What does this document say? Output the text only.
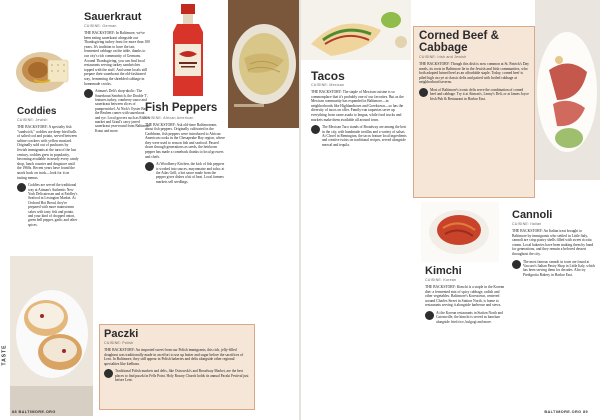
TASTE
Coddies
CUISINE: Jewish

THE BACKSTORY: A specialty fish "sandwich," coddies are deep-fried balls of salted cod and potato, served between saltine crackers with yellow mustard. Originally sold out of pushcarts by Jewish immigrants at the turn of the last century, coddies grew in popularity, becoming available in nearly every candy shop, lunch counter and drugstore until the 1960s. Recent years have found the snack back on track—look for it on tasting menus.

Coddies are served the traditional way at Attman's Authentic New York Delicatessen and at Faidley's Seafood in Lexington Market. At Orchard Hot Bread, they're prepared with more mainstream cakes with tasty fish and potato, and your kind of chopped onion, green bell pepper, garlic and other spices.

Sauerkraut
CUISINE: German

THE BACKSTORY: In Baltimore, we've been eating sauerkraut alongside our Thanksgiving turkey feast for more than 100 years. It's tradition to have the tart, fermented cabbage on the table, thanks to our city's rich community of Germans. Around Thanksgiving, you can find local restaurants serving turkey sandwiches topped with the stuff. And some locals still prepare their sauerkraut the old-fashioned way, fermenting the shredded cabbage in homemade crocks.

Attman's Deli's shop-aholic: The Sauerkraut Sandwich, the Double 'J', features turkey, cranberry sauce and sauerkraut between slices of pumpernickel. At Nick's Oyster Bar, the Reuben comes with sauerkraut and rye. Local grocers such as Eddie's market and Graul's carry jarred sauerkraut year-round from Baltimore Kraut and more.

Fish Peppers
CUISINE: African American

THE BACKSTORY: Ask old-time Baltimoreans about fish peppers. Originally cultivated in the Caribbean, fish peppers were introduced to African American cooks in the Chesapeake Bay region, where they were used to season fish and seafood. Passed down through generations as seeds, the heirloom pepper has made a comeback thanks to local growers and chefs.

At Woodberry Kitchen, the kick of fish peppers is worked into sauces, mayonnaise and salsa; at the Atlas Grill, a hot sauce made from the pepper gives dishes a bit of heat. Local farmers markets sell seedlings.

Paczki
CUISINE: Polish

THE BACKSTORY: An imported sweet from our Polish immigrants, this rich, jelly-filled doughnut was traditionally made in an effort to use up butter and sugar before the sacrifices of Lent. In Baltimore, they still appear in Polish bakeries and delis alongside other regional specialties like kielbasa.

Traditional Polish markets and delis, like Ostrowski's and Broadway Market, are the best places to find paczki in Fells Point. Holy Rosary Church holds its annual Paczki Festival just before Lent.

88 BALTIMORE.ORG
Tacos
CUISINE: Mexican

THE BACKSTORY: The staple of Mexican cuisine is so commonplace that it's probably one of our favorites. But as the Mexican community has expanded in Baltimore—in neighborhoods like Highlandtown and Greektown—so has the diversity of tacos on offer. Family-run taquerias serve up everything from carne asada to lengua, while food trucks and markets make them available all around town.

The Mexican Taco stands of Broadway are among the best in the city, with handmade tortillas and a variety of salsas. At Clavel in Remington, the tacos feature local ingredients and creative twists on traditional recipes, served alongside mezcal and tequila.

Corned Beef & Cabbage
CUISINE: Irish and Jewish

THE BACKSTORY: Though this dish is now common at St. Patrick's Day meals, its roots in Baltimore lie in the Jewish and Irish communities, who both adopted brined beef as an affordable staple. Today, corned beef is piled high on rye at classic delis and paired with boiled cabbage at neighborhood taverns.

Most of Baltimore's iconic delis serve the combination of corned beef and cabbage. Try it at Attman's, Lenny's Deli, or at James Joyce Irish Pub & Restaurant in Harbor East.

Kimchi
CUISINE: Korean

THE BACKSTORY: Kimchi is a staple in the Korean diet: a fermented mix of spicy cabbage, radish and other vegetables. Baltimore's Koreatown, centered around Charles Street in Station North, is home to restaurants serving it alongside barbecue and stews.

At the Korean restaurants in Station North and Catonsville, the kimchi is served as banchan alongside fried rice, bulgogi and more.

Cannoli
CUISINE: Italian

THE BACKSTORY: An Italian treat brought to Baltimore by immigrants who settled in Little Italy, cannoli are crisp pastry shells filled with sweet ricotta cream. Local bakeries have been making them by hand for generations, and they remain a beloved dessert throughout the city.

The most famous cannoli in town are found at Vaccaro's Italian Pastry Shop in Little Italy, which has been serving them for decades. Also try Piedigrotta Bakery in Harbor East.

BALTIMORE.ORG 89
